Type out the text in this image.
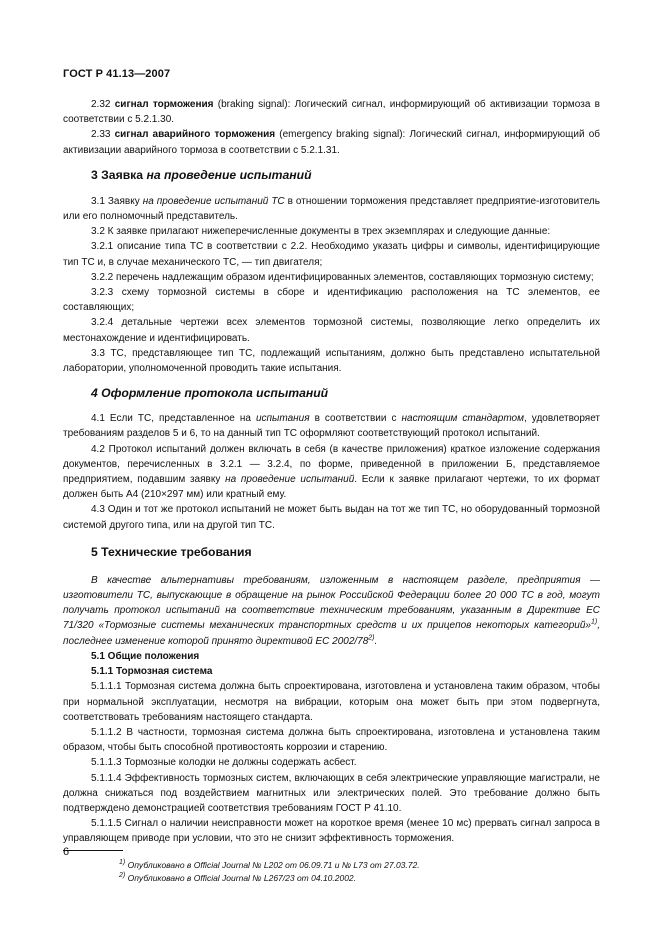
ГОСТ Р 41.13—2007

2.32 сигнал торможения (braking signal): Логический сигнал, информирующий об активизации тормоза в соответствии с 5.2.1.30.

2.33 сигнал аварийного торможения (emergency braking signal): Логический сигнал, информирующий об активизации аварийного тормоза в соответствии с 5.2.1.31.

3 Заявка на проведение испытаний

3.1 Заявку на проведение испытаний ТС в отношении торможения представляет предприятие-изготовитель или его полномочный представитель.

3.2 К заявке прилагают нижеперечисленные документы в трех экземплярах и следующие данные:

3.2.1 описание типа ТС в соответствии с 2.2. Необходимо указать цифры и символы, идентифицирующие тип ТС и, в случае механического ТС, — тип двигателя;

3.2.2 перечень надлежащим образом идентифицированных элементов, составляющих тормозную систему;

3.2.3 схему тормозной системы в сборе и идентификацию расположения на ТС элементов, ее составляющих;

3.2.4 детальные чертежи всех элементов тормозной системы, позволяющие легко определить их местонахождение и идентифицировать.

3.3 ТС, представляющее тип ТС, подлежащий испытаниям, должно быть представлено испытательной лаборатории, уполномоченной проводить такие испытания.

4 Оформление протокола испытаний

4.1 Если ТС, представленное на испытания в соответствии с настоящим стандартом, удовлетворяет требованиям разделов 5 и 6, то на данный тип ТС оформляют соответствующий протокол испытаний.

4.2 Протокол испытаний должен включать в себя (в качестве приложения) краткое изложение содержания документов, перечисленных в 3.2.1 — 3.2.4, по форме, приведенной в приложении Б, представляемое предприятием, подавшим заявку на проведение испытаний. Если к заявке прилагают чертежи, то их формат должен быть А4 (210×297 мм) или кратный ему.

4.3 Один и тот же протокол испытаний не может быть выдан на тот же тип ТС, но оборудованный тормозной системой другого типа, или на другой тип ТС.

5 Технические требования

В качестве альтернативы требованиям, изложенным в настоящем разделе, предприятия — изготовители ТС, выпускающие в обращение на рынок Российской Федерации более 20 000 ТС в год, могут получать протокол испытаний на соответствие техническим требованиям, указанным в Директиве ЕС 71/320 «Тормозные системы механических транспортных средств и их прицепов некоторых категорий»$^{1)}$, последнее изменение которой принято директивой ЕС 2002/78$^{2)}$.

5.1 Общие положения

5.1.1 Тормозная система

5.1.1.1 Тормозная система должна быть спроектирована, изготовлена и установлена таким образом, чтобы при нормальной эксплуатации, несмотря на вибрации, которым она может быть при этом подвергнута, соответствовать требованиям настоящего стандарта.

5.1.1.2 В частности, тормозная система должна быть спроектирована, изготовлена и установлена таким образом, чтобы быть способной противостоять коррозии и старению.

5.1.1.3 Тормозные колодки не должны содержать асбест.

5.1.1.4 Эффективность тормозных систем, включающих в себя электрические управляющие магистрали, не должна снижаться под воздействием магнитных или электрических полей. Это требование должно быть подтверждено демонстрацией соответствия требованиям ГОСТ Р 41.10.

5.1.1.5 Сигнал о наличии неисправности может на короткое время (менее 10 мс) прервать сигнал запроса в управляющем приводе при условии, что это не снизит эффективность торможения.

$^{1)}$ Опубликовано в Official Journal № L202 от 06.09.71 и № L73 от 27.03.72.

$^{2)}$ Опубликовано в Official Journal № L267/23 от 04.10.2002.

6
